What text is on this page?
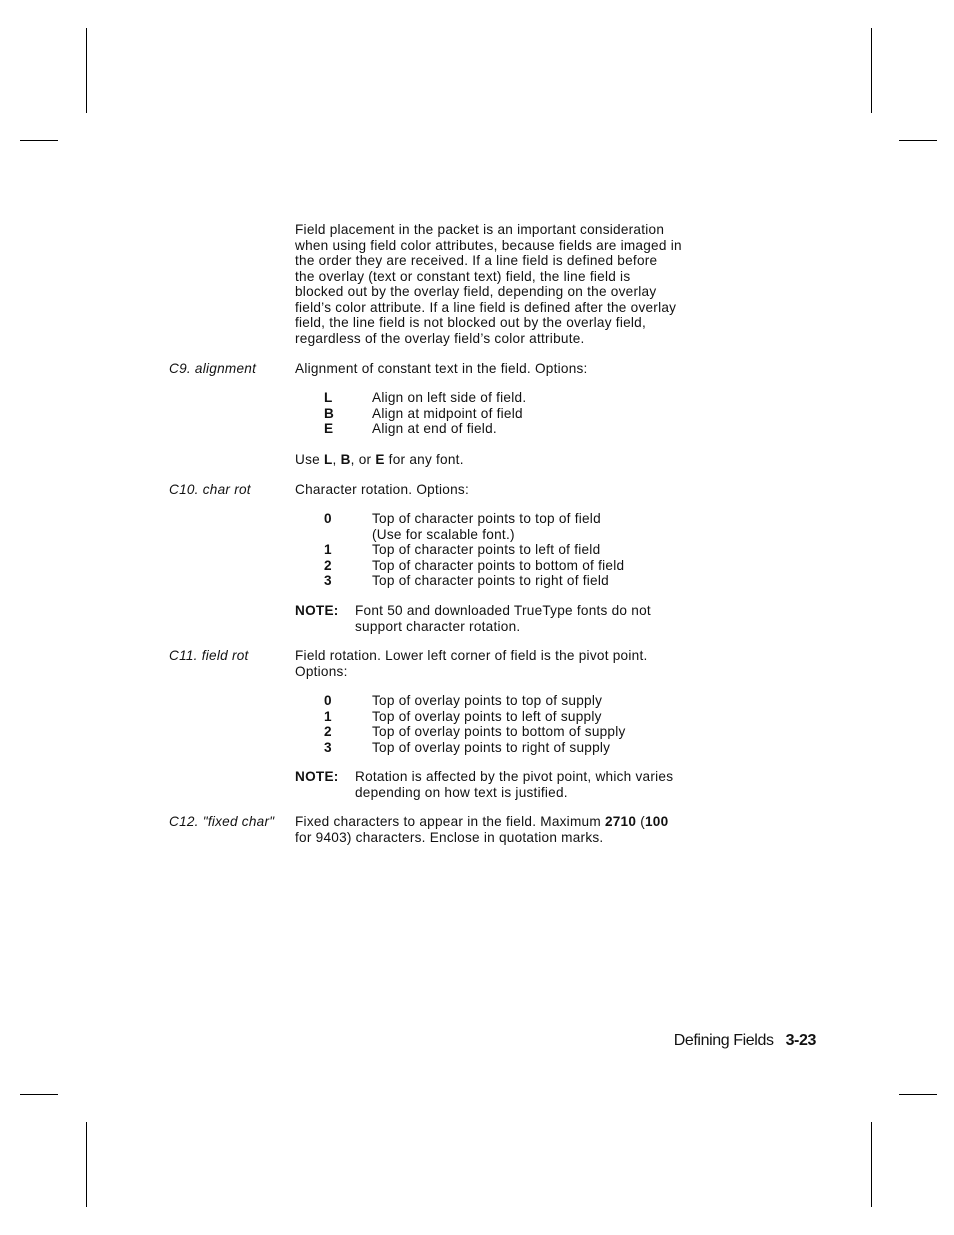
Field placement in the packet is an important consideration
when using field color attributes, because fields are imaged in
the order they are received. If a line field is defined before
the overlay (text or constant text) field, the line field is
blocked out by the overlay field, depending on the overlay
field’s color attribute. If a line field is defined after the overlay
field, the line field is not blocked out by the overlay field,
regardless of the overlay field’s color attribute.
C9. alignment	Alignment of constant text in the field. Options:
L	Align on left side of field.
B	Align at midpoint of field
E	Align at end of field.
Use L, B, or E for any font.
C10. char rot	Character rotation. Options:
0	Top of character points to top of field
(Use for scalable font.)
1	Top of character points to left of field
2	Top of character points to bottom of field
3	Top of character points to right of field
NOTE: Font 50 and downloaded TrueType fonts do not
support character rotation.
C11. field rot	Field rotation. Lower left corner of field is the pivot point.
Options:
0	Top of overlay points to top of supply
1	Top of overlay points to left of supply
2	Top of overlay points to bottom of supply
3	Top of overlay points to right of supply
NOTE: Rotation is affected by the pivot point, which varies
depending on how text is justified.
C12. "fixed char" Fixed characters to appear in the field. Maximum 2710 (100
for 9403) characters. Enclose in quotation marks.
Defining Fields 3-23
